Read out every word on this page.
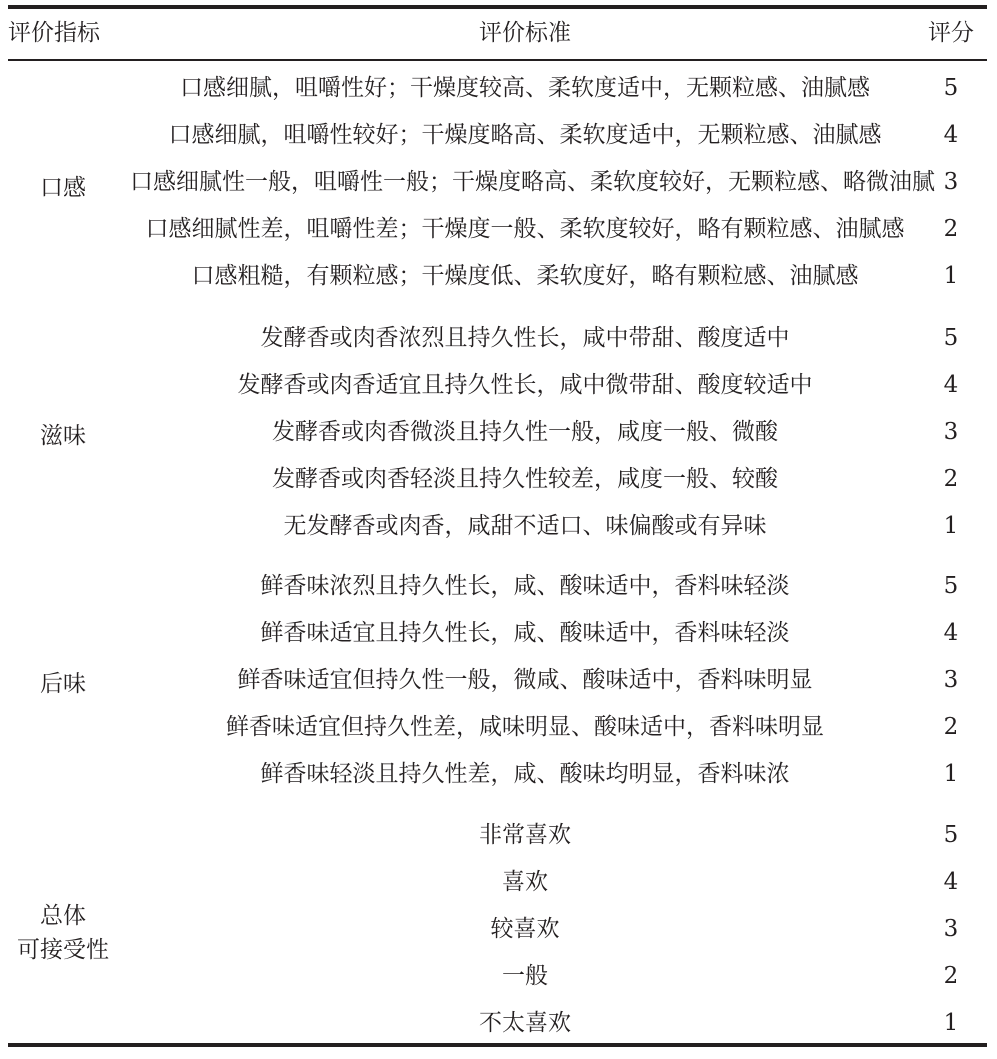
评价指标	评价标准	评分
口感
口感细腻，咀嚼性好；干燥度较高、柔软度适中，无颗粒感、油腻感	5
口感细腻，咀嚼性较好；干燥度略高、柔软度适中，无颗粒感、油腻感	4
口感细腻性一般，咀嚼性一般；干燥度略高、柔软度较好，无颗粒感、略微油腻 3
口感细腻性差，咀嚼性差；干燥度一般、柔软度较好，略有颗粒感、油腻感	2
口感粗糙，有颗粒感；干燥度低、柔软度好，略有颗粒感、油腻感	1
滋味
发酵香或肉香浓烈且持久性长，咸中带甜、酸度适中	5
发酵香或肉香适宜且持久性长，咸中微带甜、酸度较适中	4
发酵香或肉香微淡且持久性一般，咸度一般、微酸	3
发酵香或肉香轻淡且持久性较差，咸度一般、较酸	2
无发酵香或肉香，咸甜不适口、味偏酸或有异味	1
后味
鲜香味浓烈且持久性长，咸、酸味适中，香料味轻淡	5
鲜香味适宜且持久性长，咸、酸味适中，香料味轻淡	4
鲜香味适宜但持久性一般，微咸、酸味适中，香料味明显	3
鲜香味适宜但持久性差，咸味明显、酸味适中，香料味明显	2
鲜香味轻淡且持久性差，咸、酸味均明显，香料味浓	1
总体
可接受性
非常喜欢	5
喜欢	4
较喜欢	3
一般	2
不太喜欢	1
